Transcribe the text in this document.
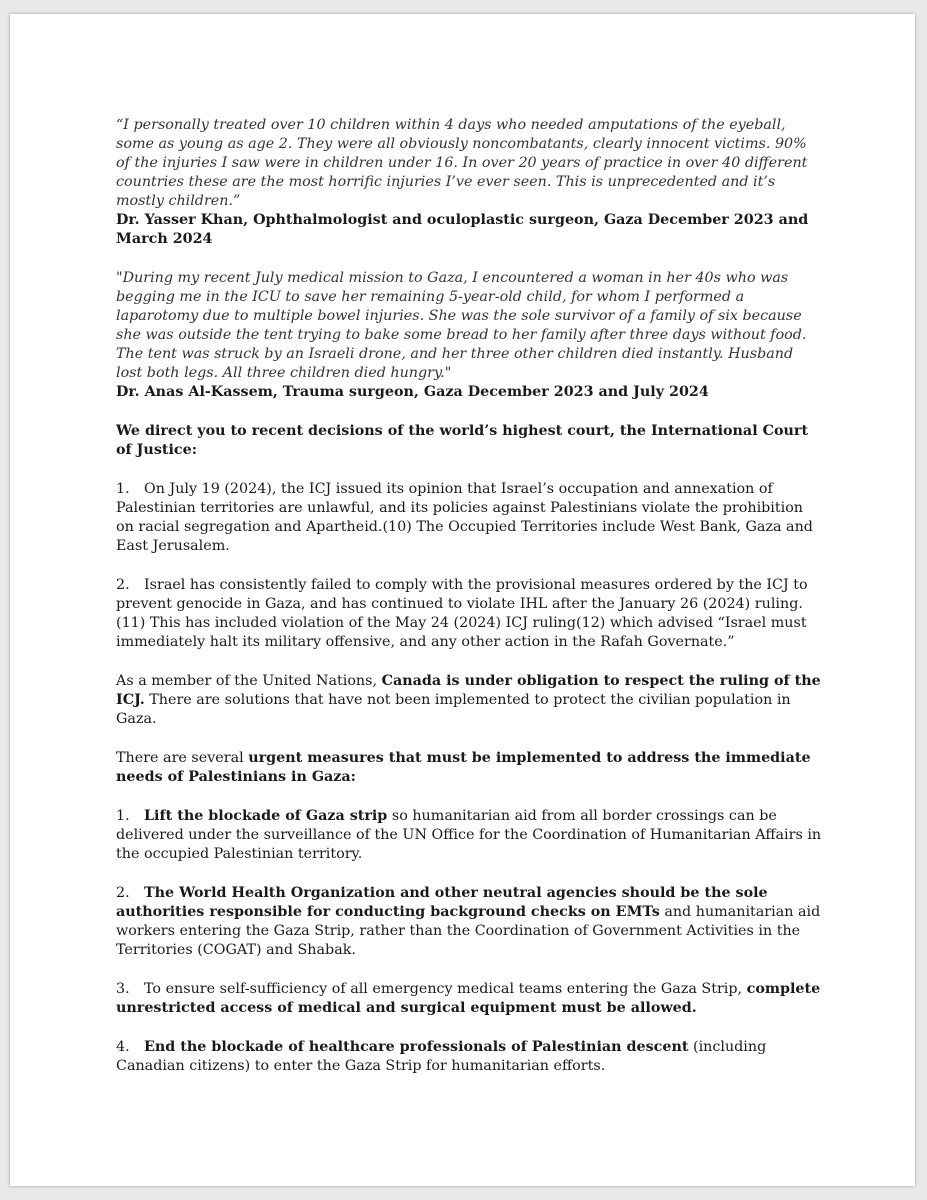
“I personally treated over 10 children within 4 days who needed amputations of the eyeball, some as young as age 2. They were all obviously noncombatants, clearly innocent victims. 90% of the injuries I saw were in children under 16. In over 20 years of practice in over 40 different countries these are the most horrific injuries I’ve ever seen. This is unprecedented and it’s mostly children.”

Dr. Yasser Khan, Ophthalmologist and oculoplastic surgeon, Gaza December 2023 and March 2024

"During my recent July medical mission to Gaza, I encountered a woman in her 40s who was begging me in the ICU to save her remaining 5-year-old child, for whom I performed a laparotomy due to multiple bowel injuries. She was the sole survivor of a family of six because she was outside the tent trying to bake some bread to her family after three days without food. The tent was struck by an Israeli drone, and her three other children died instantly. Husband lost both legs. All three children died hungry."

Dr. Anas Al-Kassem, Trauma surgeon, Gaza December 2023 and July 2024

We direct you to recent decisions of the world’s highest court, the International Court of Justice:

1. On July 19 (2024), the ICJ issued its opinion that Israel’s occupation and annexation of Palestinian territories are unlawful, and its policies against Palestinians violate the prohibition on racial segregation and Apartheid.(10) The Occupied Territories include West Bank, Gaza and East Jerusalem.

2. Israel has consistently failed to comply with the provisional measures ordered by the ICJ to prevent genocide in Gaza, and has continued to violate IHL after the January 26 (2024) ruling.(11) This has included violation of the May 24 (2024) ICJ ruling(12) which advised “Israel must immediately halt its military offensive, and any other action in the Rafah Governate.”

As a member of the United Nations, Canada is under obligation to respect the ruling of the ICJ. There are solutions that have not been implemented to protect the civilian population in Gaza.

There are several urgent measures that must be implemented to address the immediate needs of Palestinians in Gaza:

1. Lift the blockade of Gaza strip so humanitarian aid from all border crossings can be delivered under the surveillance of the UN Office for the Coordination of Humanitarian Affairs in the occupied Palestinian territory.

2. The World Health Organization and other neutral agencies should be the sole authorities responsible for conducting background checks on EMTs and humanitarian aid workers entering the Gaza Strip, rather than the Coordination of Government Activities in the Territories (COGAT) and Shabak.

3. To ensure self-sufficiency of all emergency medical teams entering the Gaza Strip, complete unrestricted access of medical and surgical equipment must be allowed.

4. End the blockade of healthcare professionals of Palestinian descent (including Canadian citizens) to enter the Gaza Strip for humanitarian efforts.
